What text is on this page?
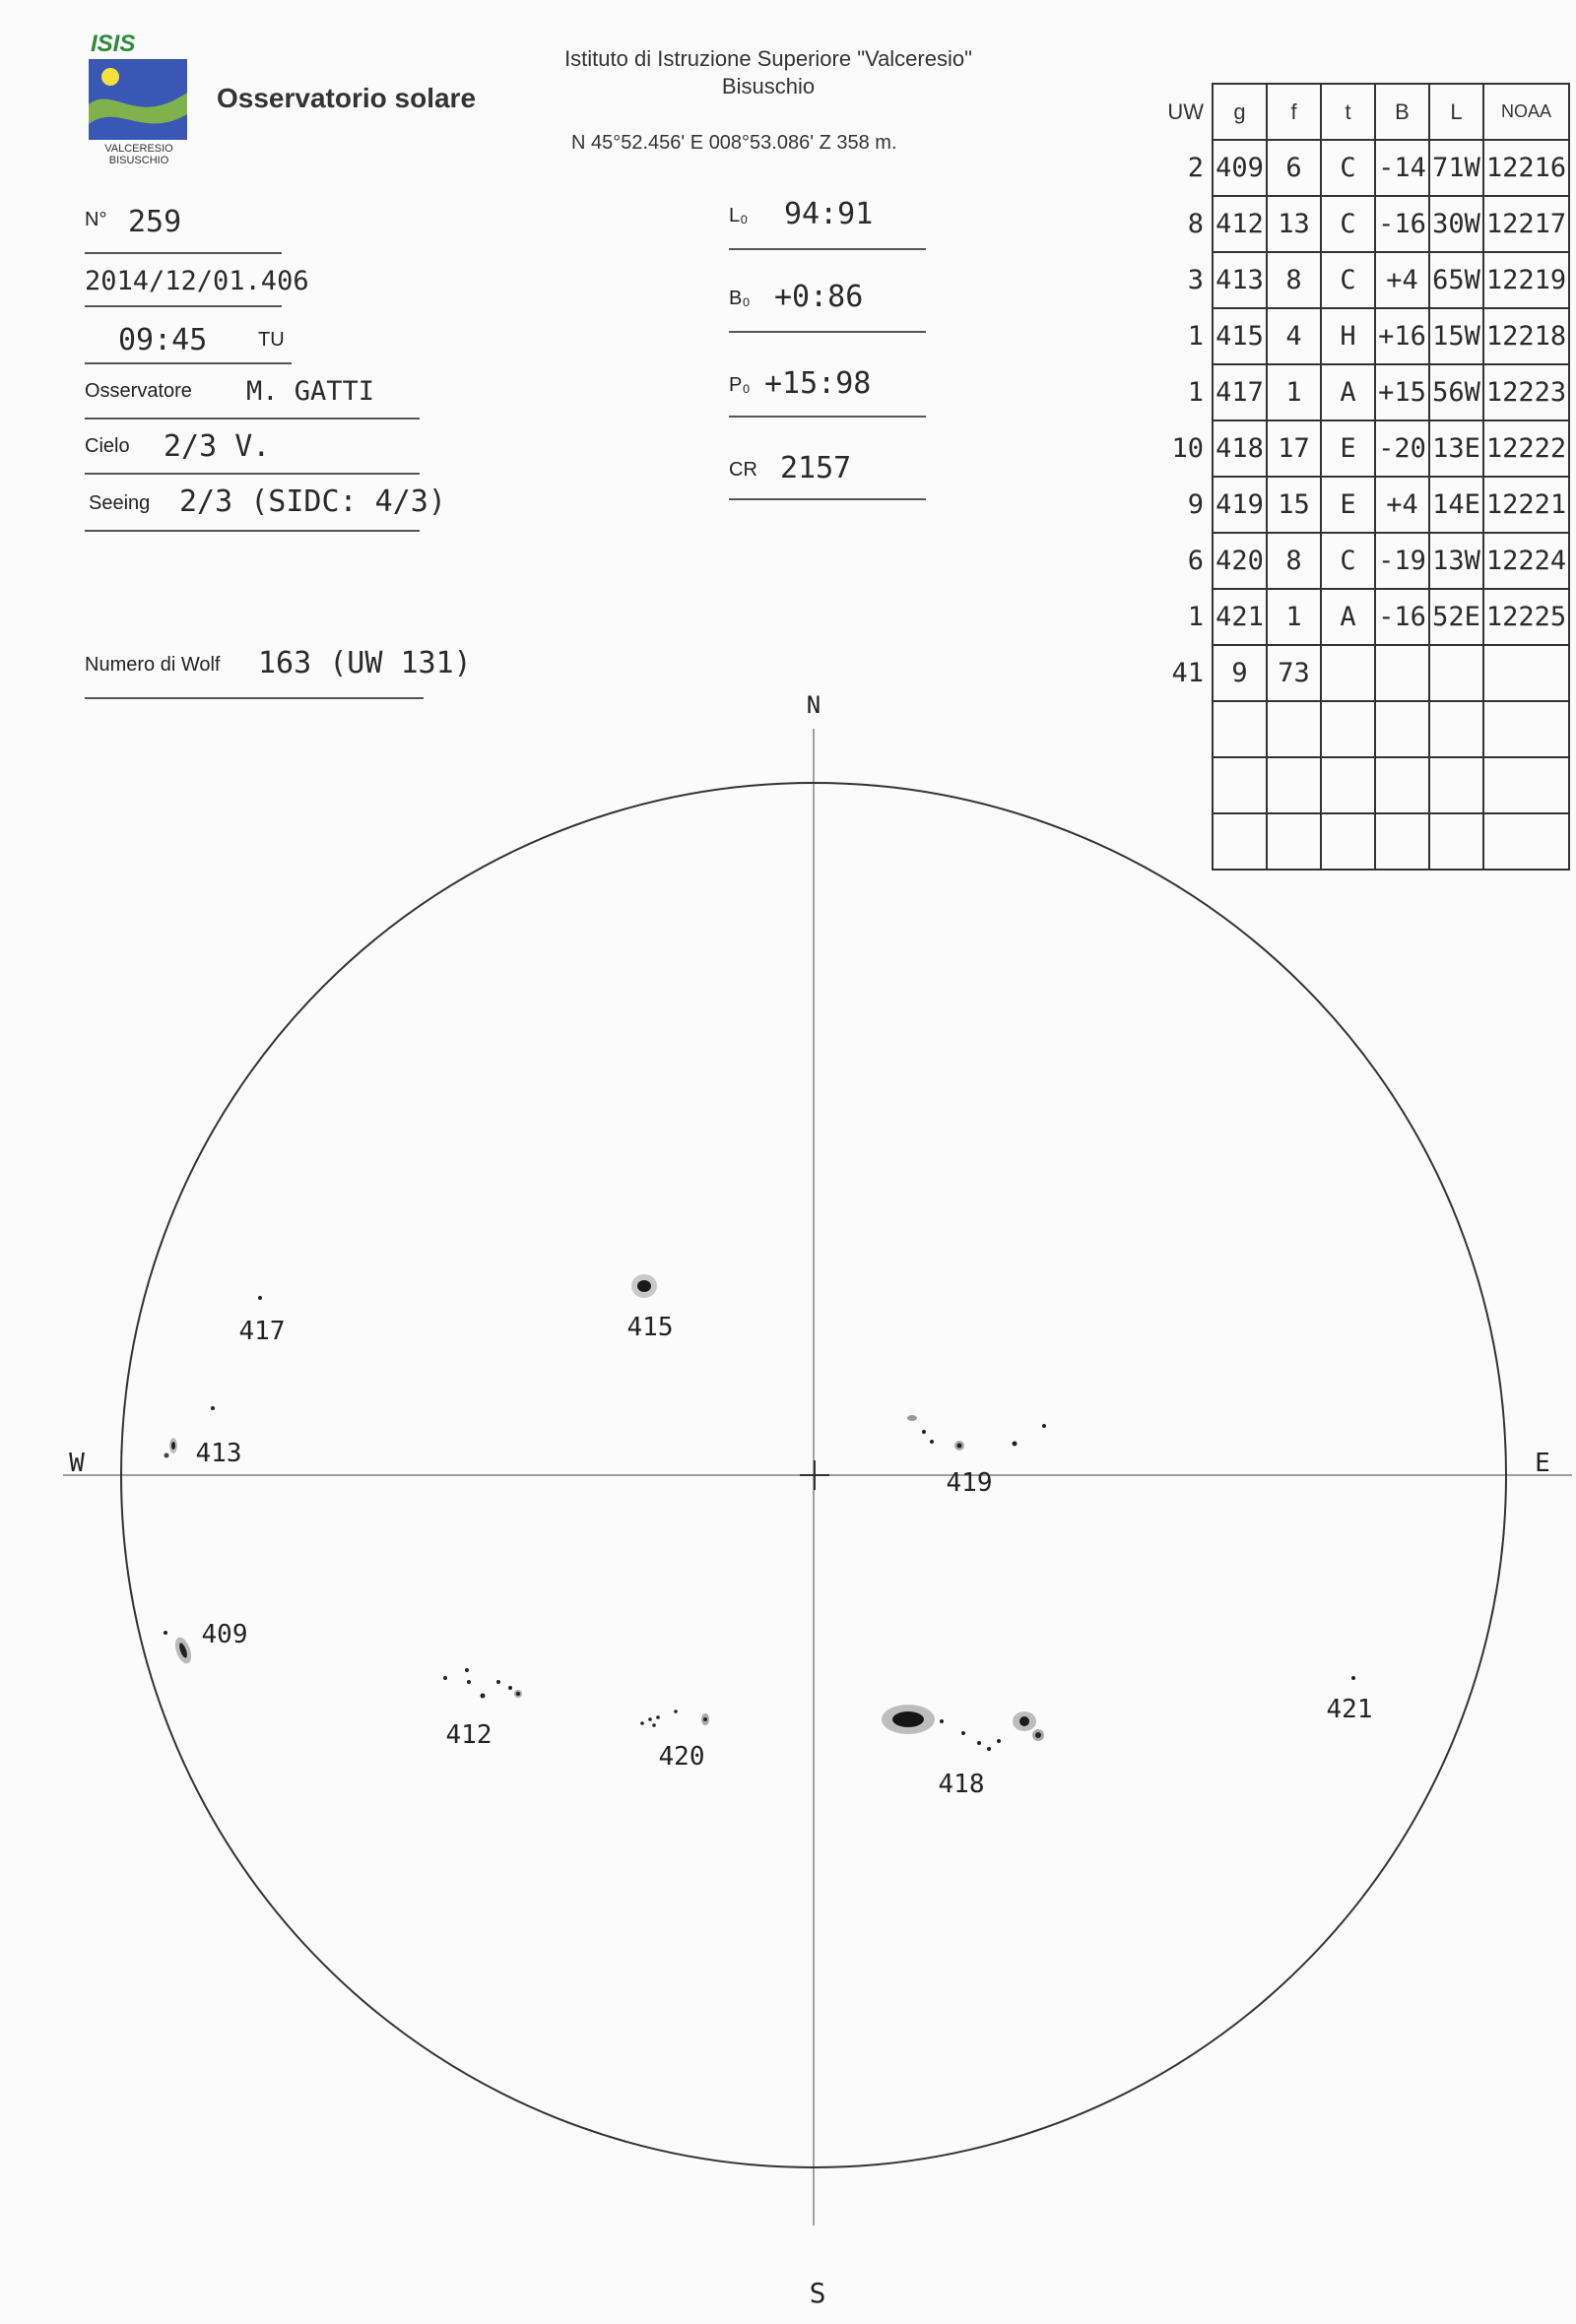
ISIS
VALCERESIO
BISUSCHIO
Osservatorio solare
Istituto di Istruzione Superiore "Valceresio"
Bisuschio
N 45°52.456' E 008°53.086' Z 358 m.
N° 259
2014/12/01.406
09:45	TU
Osservatore M. GATTI
Cielo 2/3 V.
Seeing 2/3 (SIDC: 4/3)
Numero di Wolf 163 (UW 131)
L₀ 94:91
B₀ +0:86
P₀ +15:98
CR 2157
UW	g	f	t	B	L	NOAA
2	409	6	C	-14	71W	12216
8	412	13	C	-16	30W	12217
3	413	8	C	+4	65W	12219
1	415	4	H	+16	15W	12218
1	417	1	A	+15	56W	12223
10	418	17	E	-20	13E	12222
9	419	15	E	+4	14E	12221
6	420	8	C	-19	13W	12224
1	421	1	A	-16	52E	12225
41	9	73				

N
S
W	E
417	415
413
419
409
412
420
418
421
